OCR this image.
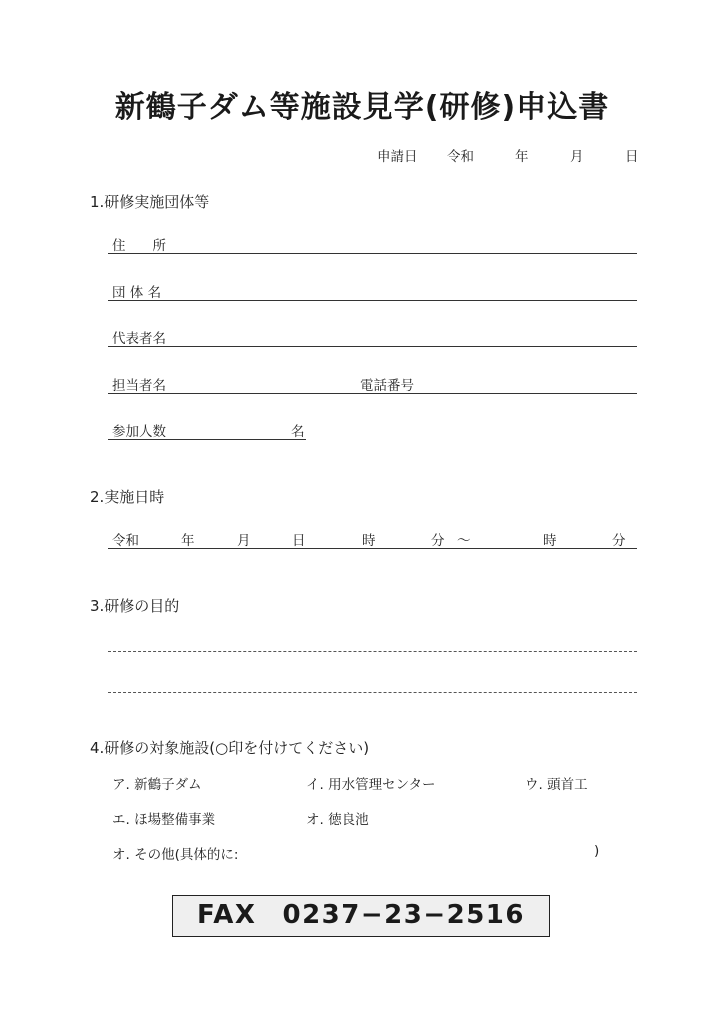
新鶴子ダム等施設見学(研修)申込書
申請日 令和	年	月	日
1.研修実施団体等
住　　所
団 体 名
代表者名
担当者名	電話番号
参加人数	名
2.実施日時
令和	年	月	日	時	分 〜	時	分
3.研修の目的
4.研修の対象施設(○印を付けてください)
ア. 新鶴子ダム	イ. 用水管理センター	ウ. 頭首工
エ. ほ場整備事業	オ. 徳良池
オ. その他(具体的に:	)
FAX 0237−23−2516
